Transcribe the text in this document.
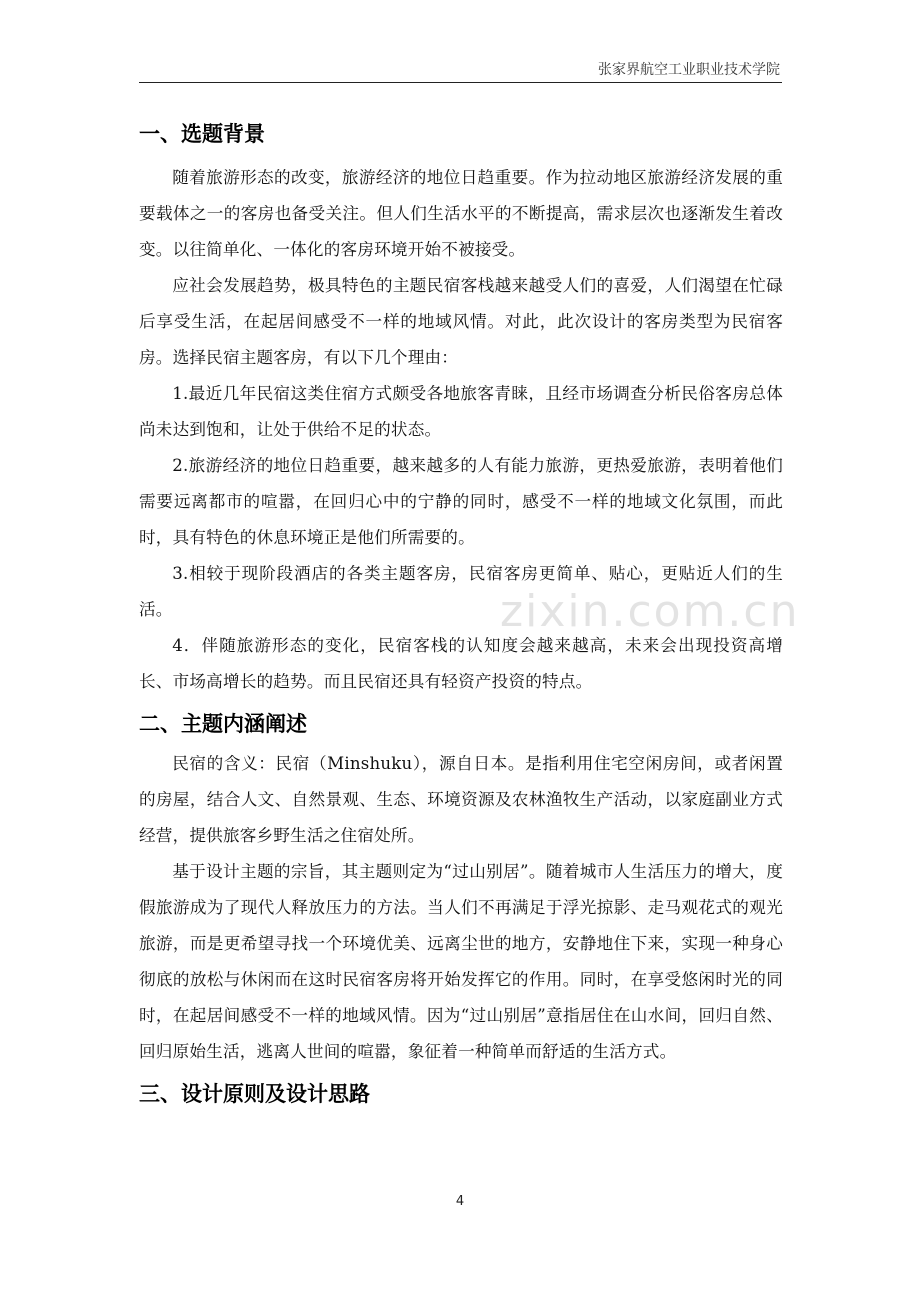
张家界航空工业职业技术学院
zixin.com.cn
一、选题背景

随着旅游形态的改变，旅游经济的地位日趋重要。作为拉动地区旅游经济发展的重要载体之一的客房也备受关注。但人们生活水平的不断提高，需求层次也逐渐发生着改变。以往简单化、一体化的客房环境开始不被接受。

应社会发展趋势，极具特色的主题民宿客栈越来越受人们的喜爱，人们渴望在忙碌后享受生活，在起居间感受不一样的地域风情。对此，此次设计的客房类型为民宿客房。选择民宿主题客房，有以下几个理由：

1.最近几年民宿这类住宿方式颇受各地旅客青睐，且经市场调查分析民俗客房总体尚未达到饱和，让处于供给不足的状态。

2.旅游经济的地位日趋重要，越来越多的人有能力旅游，更热爱旅游，表明着他们需要远离都市的喧嚣，在回归心中的宁静的同时，感受不一样的地域文化氛围，而此时，具有特色的休息环境正是他们所需要的。

3.相较于现阶段酒店的各类主题客房，民宿客房更简单、贴心，更贴近人们的生活。

4．伴随旅游形态的变化，民宿客栈的认知度会越来越高，未来会出现投资高增长、市场高增长的趋势。而且民宿还具有轻资产投资的特点。

二、主题内涵阐述

民宿的含义：民宿（Minshuku），源自日本。是指利用住宅空闲房间，或者闲置的房屋，结合人文、自然景观、生态、环境资源及农林渔牧生产活动，以家庭副业方式经营，提供旅客乡野生活之住宿处所。

基于设计主题的宗旨，其主题则定为“过山别居”。随着城市人生活压力的增大，度假旅游成为了现代人释放压力的方法。当人们不再满足于浮光掠影、走马观花式的观光旅游，而是更希望寻找一个环境优美、远离尘世的地方，安静地住下来，实现一种身心彻底的放松与休闲而在这时民宿客房将开始发挥它的作用。同时，在享受悠闲时光的同时，在起居间感受不一样的地域风情。因为“过山别居”意指居住在山水间，回归自然、回归原始生活，逃离人世间的喧嚣，象征着一种简单而舒适的生活方式。

三、设计原则及设计思路
4
